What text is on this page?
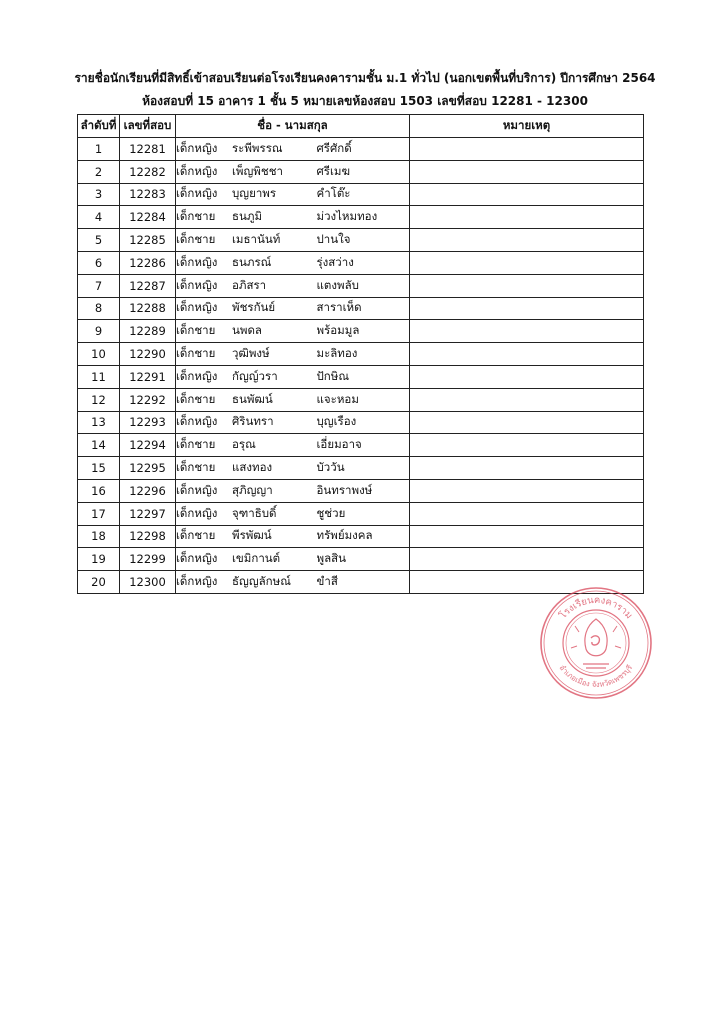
รายชื่อนักเรียนที่มีสิทธิ์เข้าสอบเรียนต่อโรงเรียนคงคารามชั้น ม.1 ทั่วไป (นอกเขตพื้นที่บริการ) ปีการศึกษา 2564
ห้องสอบที่ 15 อาคาร 1 ชั้น 5 หมายเลขห้องสอบ 1503 เลขที่สอบ 12281 - 12300
ลำดับที่	เลขที่สอบ	ชื่อ - นามสกุล		หมายเหตุ
1	12281	เด็กหญิง ระพีพรรณ	ศรีศักดิ์	
2	12282	เด็กหญิง เพ็ญพิชชา	ศรีเมฆ	
3	12283	เด็กหญิง บุญยาพร	คำโต๊ะ	
4	12284	เด็กชาย ธนภูมิ	ม่วงไหมทอง	
5	12285	เด็กชาย เมธานันท์	ปานใจ	
6	12286	เด็กหญิง ธนภรณ์	รุ่งสว่าง	
7	12287	เด็กหญิง อภิสรา	แตงพลับ	
8	12288	เด็กหญิง พัชรกันย์	สาราเห็ด	
9	12289	เด็กชาย นพดล	พร้อมมูล	
10	12290	เด็กชาย วุฒิพงษ์	มะลิทอง	
11	12291	เด็กหญิง กัญญ์วรา	ปักษิณ	
12	12292	เด็กชาย ธนพัฒน์	แจะหอม	
13	12293	เด็กหญิง ศิรินทรา	บุญเรือง	
14	12294	เด็กชาย อรุณ	เอี่ยมอาจ	
15	12295	เด็กชาย แสงทอง	บัววัน	
16	12296	เด็กหญิง สุภิญญา	อินทราพงษ์	
17	12297	เด็กหญิง จุฑาธิบดิ์	ชูช่วย	
18	12298	เด็กชาย พีรพัฒน์	ทรัพย์มงคล	
19	12299	เด็กหญิง เขมิกานต์	พูลสิน	
20	12300	เด็กหญิง ธัญญลักษณ์	ขำสี	
โรงเรียนคงคาราม
อำเภอเมือง จังหวัดเพชรบุรี
